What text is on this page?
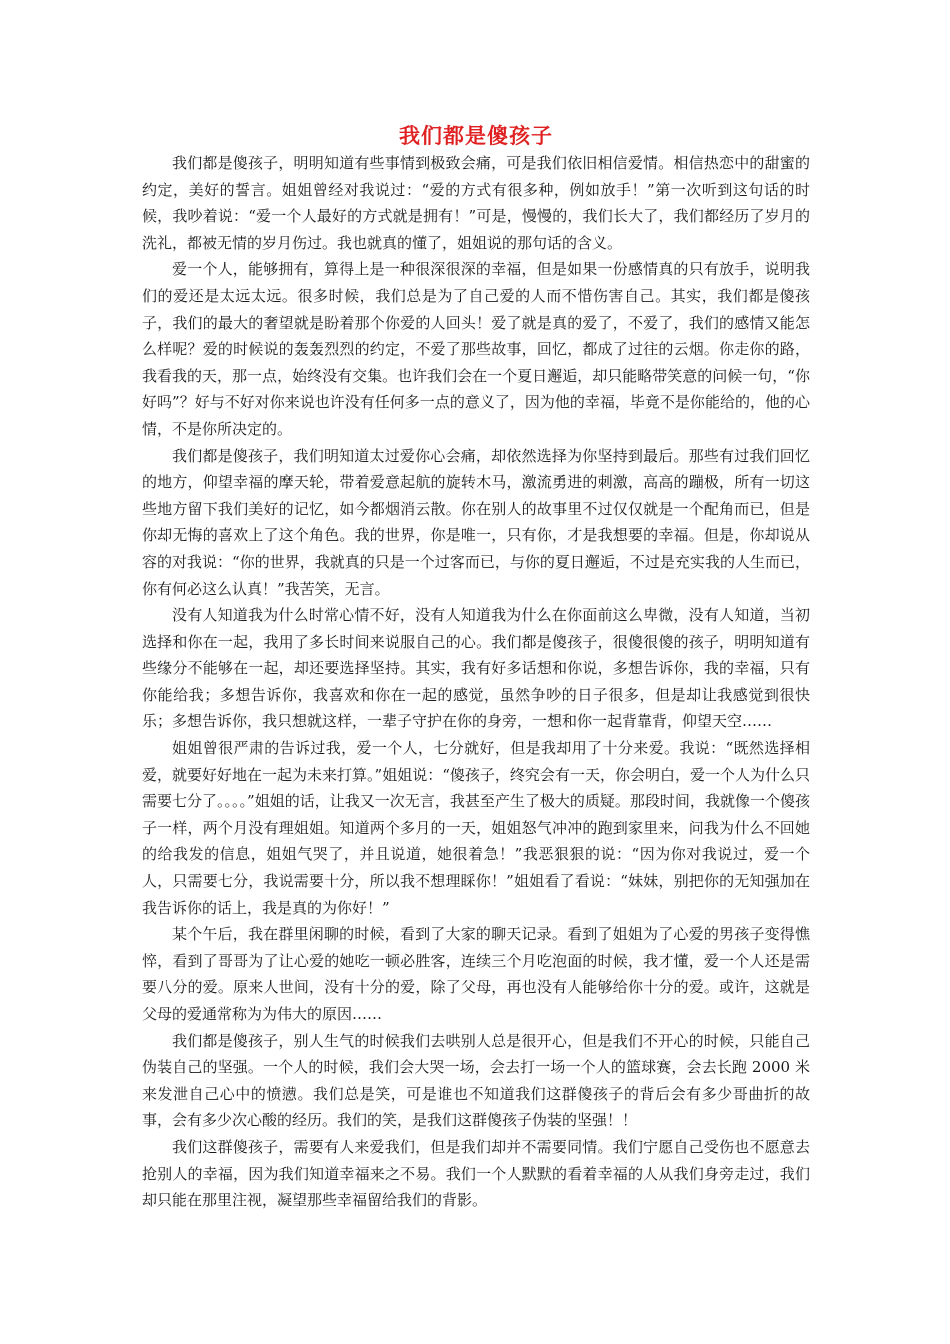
我们都是傻孩子

我们都是傻孩子，明明知道有些事情到极致会痛，可是我们依旧相信爱情。相信热恋中的甜蜜的约定，美好的誓言。姐姐曾经对我说过：“爱的方式有很多种，例如放手！”第一次听到这句话的时候，我吵着说：“爱一个人最好的方式就是拥有！”可是，慢慢的，我们长大了，我们都经历了岁月的洗礼，都被无情的岁月伤过。我也就真的懂了，姐姐说的那句话的含义。

爱一个人，能够拥有，算得上是一种很深很深的幸福，但是如果一份感情真的只有放手，说明我们的爱还是太远太远。很多时候，我们总是为了自己爱的人而不惜伤害自己。其实，我们都是傻孩子，我们的最大的奢望就是盼着那个你爱的人回头！爱了就是真的爱了，不爱了，我们的感情又能怎么样呢？爱的时候说的轰轰烈烈的约定，不爱了那些故事，回忆，都成了过往的云烟。你走你的路，我看我的天，那一点，始终没有交集。也许我们会在一个夏日邂逅，却只能略带笑意的问候一句，“你好吗”？好与不好对你来说也许没有任何多一点的意义了，因为他的幸福，毕竟不是你能给的，他的心情，不是你所决定的。

我们都是傻孩子，我们明知道太过爱你心会痛，却依然选择为你坚持到最后。那些有过我们回忆的地方，仰望幸福的摩天轮，带着爱意起航的旋转木马，激流勇进的刺激，高高的蹦极，所有一切这些地方留下我们美好的记忆，如今都烟消云散。你在别人的故事里不过仅仅就是一个配角而已，但是你却无悔的喜欢上了这个角色。我的世界，你是唯一，只有你，才是我想要的幸福。但是，你却说从容的对我说：“你的世界，我就真的只是一个过客而已，与你的夏日邂逅，不过是充实我的人生而已，你有何必这么认真！”我苦笑，无言。

没有人知道我为什么时常心情不好，没有人知道我为什么在你面前这么卑微，没有人知道，当初选择和你在一起，我用了多长时间来说服自己的心。我们都是傻孩子，很傻很傻的孩子，明明知道有些缘分不能够在一起，却还要选择坚持。其实，我有好多话想和你说，多想告诉你，我的幸福，只有你能给我；多想告诉你，我喜欢和你在一起的感觉，虽然争吵的日子很多，但是却让我感觉到很快乐；多想告诉你，我只想就这样，一辈子守护在你的身旁，一想和你一起背靠背，仰望天空……

姐姐曾很严肃的告诉过我，爱一个人，七分就好，但是我却用了十分来爱。我说：“既然选择相爱，就要好好地在一起为未来打算。”姐姐说：“傻孩子，终究会有一天，你会明白，爱一个人为什么只需要七分了。。。。”姐姐的话，让我又一次无言，我甚至产生了极大的质疑。那段时间，我就像一个傻孩子一样，两个月没有理姐姐。知道两个多月的一天，姐姐怒气冲冲的跑到家里来，问我为什么不回她的给我发的信息，姐姐气哭了，并且说道，她很着急！”我恶狠狠的说：“因为你对我说过，爱一个人，只需要七分，我说需要十分，所以我不想理睬你！”姐姐看了看说：“妹妹，别把你的无知强加在我告诉你的话上，我是真的为你好！”

某个午后，我在群里闲聊的时候，看到了大家的聊天记录。看到了姐姐为了心爱的男孩子变得憔悴，看到了哥哥为了让心爱的她吃一顿必胜客，连续三个月吃泡面的时候，我才懂，爱一个人还是需要八分的爱。原来人世间，没有十分的爱，除了父母，再也没有人能够给你十分的爱。或许，这就是父母的爱通常称为为伟大的原因……

我们都是傻孩子，别人生气的时候我们去哄别人总是很开心，但是我们不开心的时候，只能自己伪装自己的坚强。一个人的时候，我们会大哭一场，会去打一场一个人的篮球赛，会去长跑 2000 米来发泄自己心中的愤懑。我们总是笑，可是谁也不知道我们这群傻孩子的背后会有多少哥曲折的故事，会有多少次心酸的经历。我们的笑，是我们这群傻孩子伪装的坚强！！

我们这群傻孩子，需要有人来爱我们，但是我们却并不需要同情。我们宁愿自己受伤也不愿意去抢别人的幸福，因为我们知道幸福来之不易。我们一个人默默的看着幸福的人从我们身旁走过，我们却只能在那里注视，凝望那些幸福留给我们的背影。
